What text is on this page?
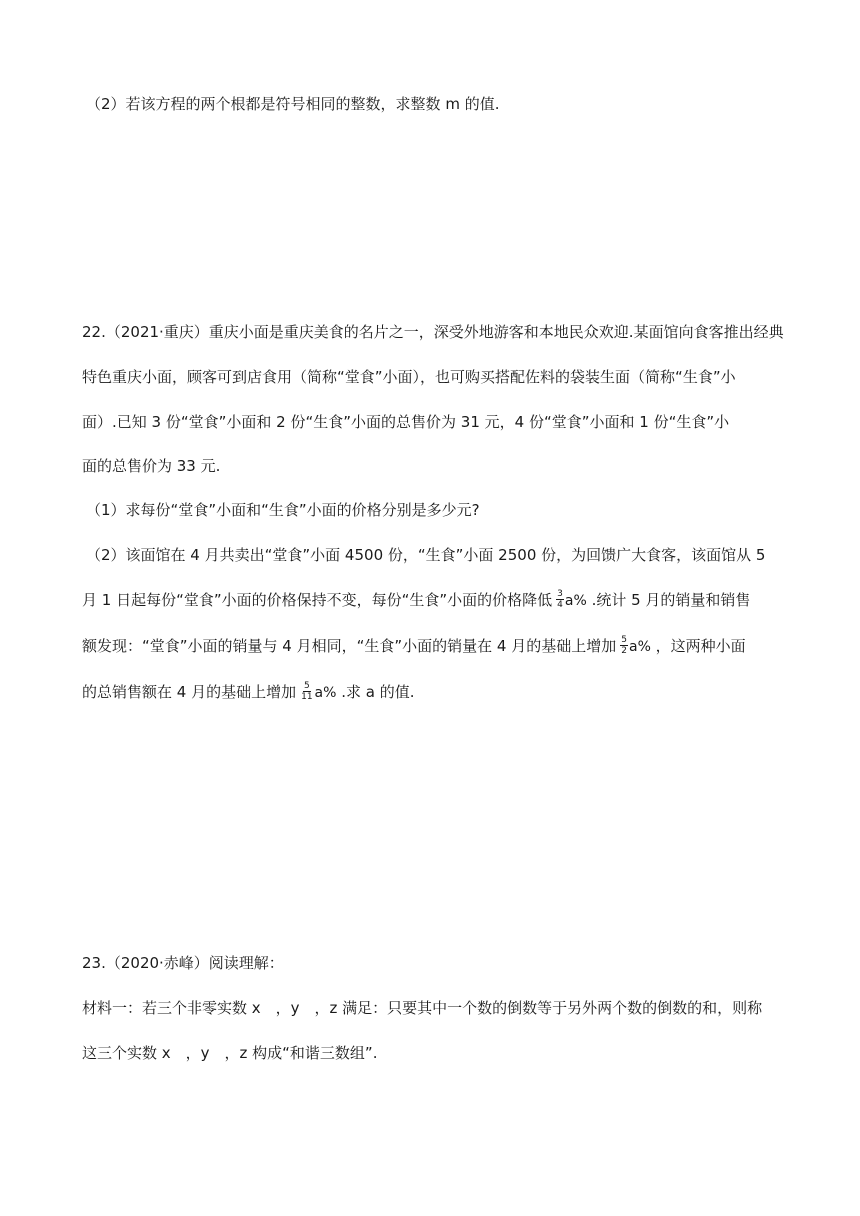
（2）若该方程的两个根都是符号相同的整数，求整数 m 的值.
22.（2021·重庆）重庆小面是重庆美食的名片之一，深受外地游客和本地民众欢迎.某面馆向食客推出经典
特色重庆小面，顾客可到店食用（简称“堂食”小面），也可购买搭配佐料的袋装生面（简称“生食”小
面）.已知 3 份“堂食”小面和 2 份“生食”小面的总售价为 31 元，4 份“堂食”小面和 1 份“生食”小
面的总售价为 33 元.
（1）求每份“堂食”小面和“生食”小面的价格分别是多少元?
（2）该面馆在 4 月共卖出“堂食”小面 4500 份，“生食”小面 2500 份，为回馈广大食客，该面馆从 5
月 1 日起每份“堂食”小面的价格保持不变，每份“生食”小面的价格降低 $\frac{3}{4} a\%$ .统计 5 月的销量和销售
额发现：“堂食”小面的销量与 4 月相同，“生食”小面的销量在 4 月的基础上增加 $\frac{5}{2} a\%$ ，这两种小面
的总销售额在 4 月的基础上增加 $\frac{5}{11} a\%$ .求 a 的值.
23.（2020·赤峰）阅读理解：
材料一：若三个非零实数 x　，y　，z 满足：只要其中一个数的倒数等于另外两个数的倒数的和，则称
这三个实数 x　，y　，z 构成“和谐三数组”.
